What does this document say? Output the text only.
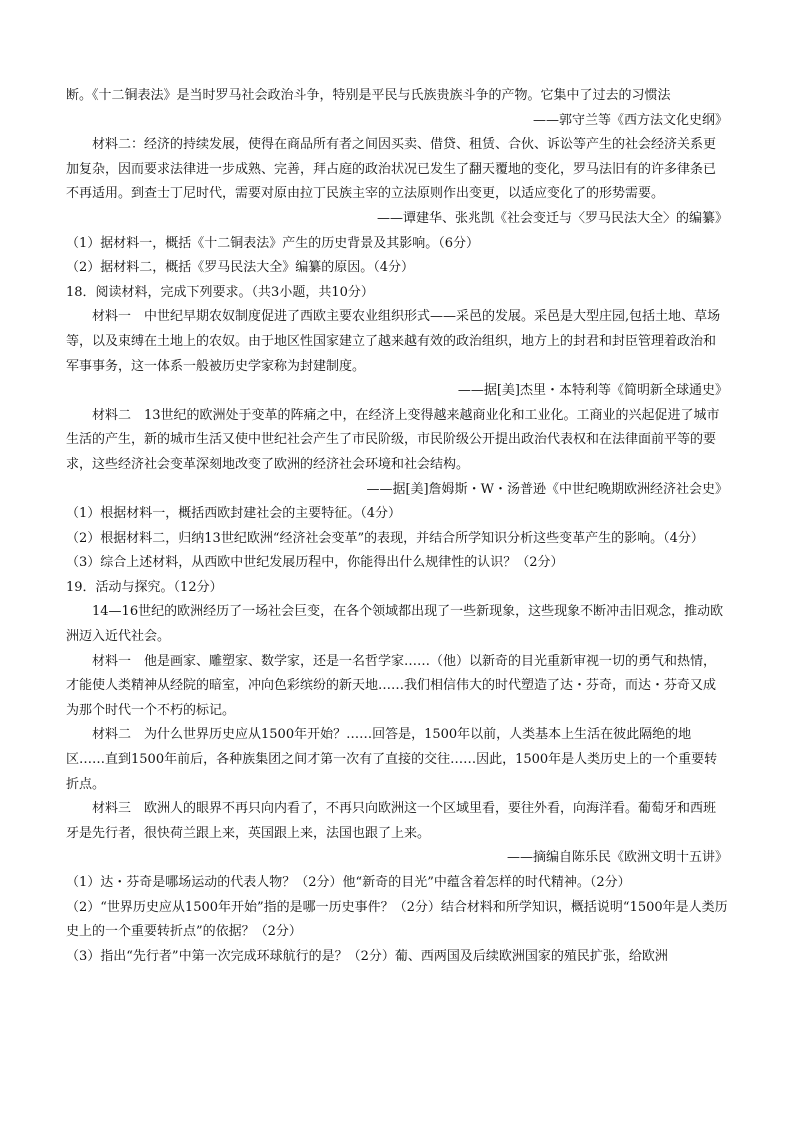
断。《十二铜表法》是当时罗马社会政治斗争，特别是平民与氏族贵族斗争的产物。它集中了过去的习惯法

——郭守兰等《西方法文化史纲》

材料二：经济的持续发展，使得在商品所有者之间因买卖、借贷、租赁、合伙、诉讼等产生的社会经济关系更加复杂，因而要求法律进一步成熟、完善，拜占庭的政治状况已发生了翻天覆地的变化，罗马法旧有的许多律条已不再适用。到查士丁尼时代，需要对原由拉丁民族主宰的立法原则作出变更，以适应变化了的形势需要。

——谭建华、张兆凯《社会变迁与〈罗马民法大全〉的编纂》

（1）据材料一，概括《十二铜表法》产生的历史背景及其影响。（6分）

（2）据材料二，概括《罗马民法大全》编纂的原因。（4分）

18．阅读材料，完成下列要求。（共3小题，共10分）

材料一　中世纪早期农奴制度促进了西欧主要农业组织形式——采邑的发展。采邑是大型庄园,包括土地、草场等，以及束缚在土地上的农奴。由于地区性国家建立了越来越有效的政治组织，地方上的封君和封臣管理着政治和军事事务，这一体系一般被历史学家称为封建制度。

——据[美]杰里・本特利等《简明新全球通史》

材料二　13世纪的欧洲处于变革的阵痛之中，在经济上变得越来越商业化和工业化。工商业的兴起促进了城市生活的产生，新的城市生活又使中世纪社会产生了市民阶级，市民阶级公开提出政治代表权和在法律面前平等的要求，这些经济社会变革深刻地改变了欧洲的经济社会环境和社会结构。

——据[美]詹姆斯・W・汤普逊《中世纪晚期欧洲经济社会史》

（1）根据材料一，概括西欧封建社会的主要特征。（4分）

（2）根据材料二，归纳13世纪欧洲“经济社会变革”的表现，并结合所学知识分析这些变革产生的影响。（4分）

（3）综合上述材料，从西欧中世纪发展历程中，你能得出什么规律性的认识？（2分）

19．活动与探究。（12分）

14—16世纪的欧洲经历了一场社会巨变，在各个领域都出现了一些新现象，这些现象不断冲击旧观念，推动欧洲迈入近代社会。

材料一　他是画家、雕塑家、数学家，还是一名哲学家……（他）以新奇的目光重新审视一切的勇气和热情，才能使人类精神从经院的暗室，冲向色彩缤纷的新天地……我们相信伟大的时代塑造了达・芬奇，而达・芬奇又成为那个时代一个不朽的标记。

材料二　为什么世界历史应从1500年开始？……回答是，1500年以前，人类基本上生活在彼此隔绝的地区……直到1500年前后，各种族集团之间才第一次有了直接的交往……因此，1500年是人类历史上的一个重要转折点。

材料三　欧洲人的眼界不再只向内看了，不再只向欧洲这一个区域里看，要往外看，向海洋看。葡萄牙和西班牙是先行者，很快荷兰跟上来，英国跟上来，法国也跟了上来。

——摘编自陈乐民《欧洲文明十五讲》

（1）达・芬奇是哪场运动的代表人物？（2分）他“新奇的目光”中蕴含着怎样的时代精神。（2分）

（2）“世界历史应从1500年开始”指的是哪一历史事件？（2分）结合材料和所学知识，概括说明“1500年是人类历史上的一个重要转折点”的依据？（2分）

（3）指出“先行者”中第一次完成环球航行的是？（2分）葡、西两国及后续欧洲国家的殖民扩张，给欧洲
